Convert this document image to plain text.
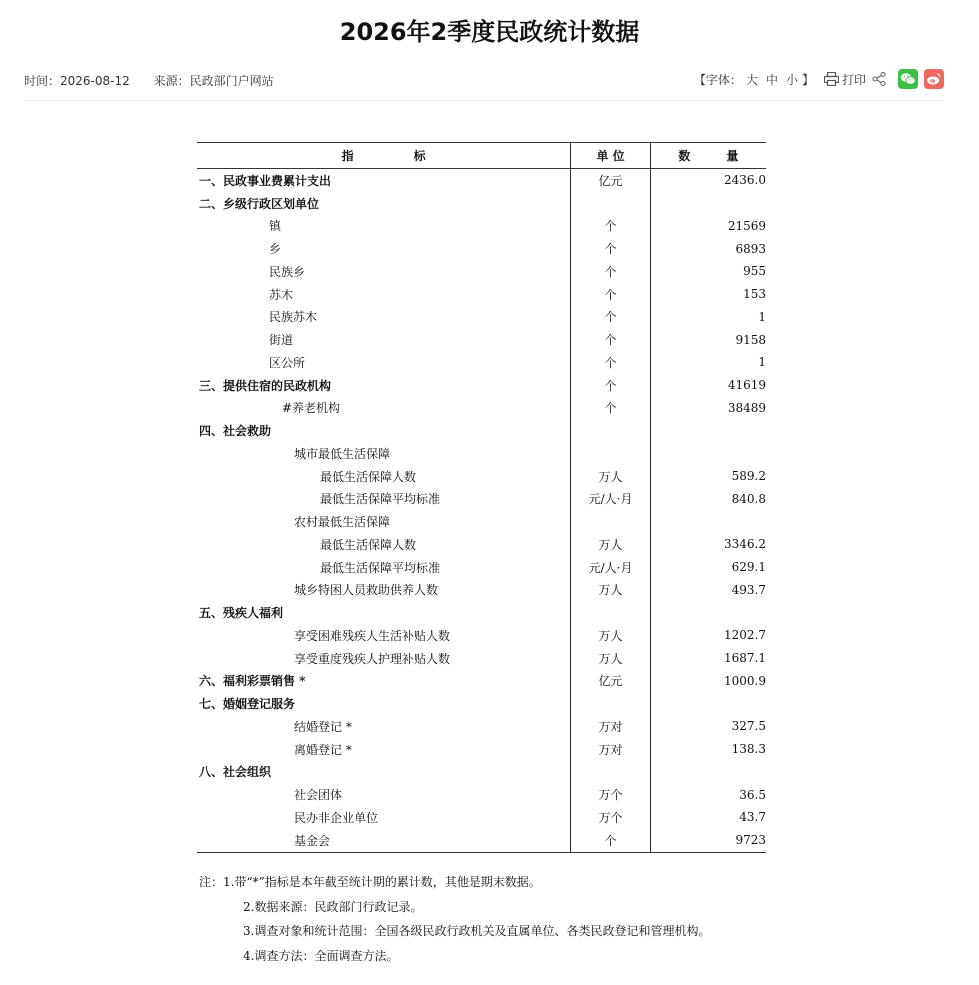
2026年2季度民政统计数据
时间：2026-08-12 来源：民政部门户网站	【字体： 大 中 小 】 打印
指　　　　　标	单 位	数　　　量
一、民政事业费累计支出	亿元	2436.0
二、乡级行政区划单位		
镇	个	21569
乡	个	6893
民族乡	个	955
苏木	个	153
民族苏木	个	1
街道	个	9158
区公所	个	1
三、提供住宿的民政机构	个	41619
#养老机构	个	38489
四、社会救助		
城市最低生活保障		
最低生活保障人数	万人	589.2
最低生活保障平均标准	元/人·月	840.8
农村最低生活保障		
最低生活保障人数	万人	3346.2
最低生活保障平均标准	元/人·月	629.1
城乡特困人员救助供养人数	万人	493.7
五、残疾人福利		
享受困难残疾人生活补贴人数	万人	1202.7
享受重度残疾人护理补贴人数	万人	1687.1
六、福利彩票销售 *	亿元	1000.9
七、婚姻登记服务		
结婚登记 *	万对	327.5
离婚登记 *	万对	138.3
八、社会组织		
社会团体	万个	36.5
民办非企业单位	万个	43.7
基金会	个	9723
注：1.带“*”指标是本年截至统计期的累计数，其他是期末数据。
2.数据来源：民政部门行政记录。
3.调查对象和统计范围：全国各级民政行政机关及直属单位、各类民政登记和管理机构。
4.调查方法：全面调查方法。
